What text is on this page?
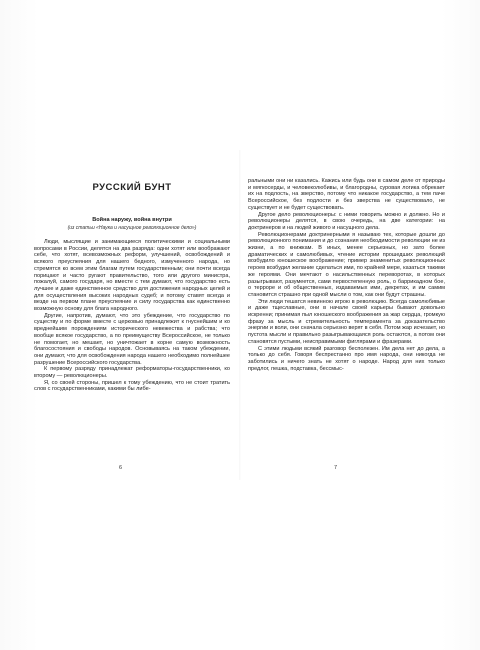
РУССКИЙ БУНТ
Война наружу, война внутри
(из статьи «Наука и насущное революционное дело»)

Люди, мыслящие и занимающиеся политическими и социальными вопросами в России, делятся на два разряда: одни хотят или воображают себе, что хотят, всевозможных реформ, улучшений, освобождений и всякого преуспеяния для нашего бедного, измученного народа, но стремятся ко всем этим благам путем государственным; они почти всегда порицают и часто ругают правительство, того или другого министра, пожалуй, самого государя, но вместе с тем думают, что государство есть лучшее и даже единственное средство для достижения народных целей и для осуществления высоких народных судеб; и потому ставят всегда и везде на первом плане преуспеяние и силу государства как единственно возможную основу для блага народного.

Другие, напротив, думают, что это убеждение, что государство по существу и по форме вместе с церковью принадлежит к гнуснейшим и ко вреднейшим порождениям исторического невежества и рабства; что вообще всякое государство, а по преимуществу Всероссийское, не только не помогает, но мешает, но уничтожает в корне самую возможность благосостояния и свободы народов. Основываясь на таком убеждении, они думают, что для освобождения народа нашего необходимо полнейшее разрушение Всероссийского государства.

К первому разряду принадлежат реформаторы-государственники, ко второму — революционеры.

Я, со своей стороны, пришел к тому убеждению, что не стоит тратить слов с государственниками, какими бы либе-

6

ральными они ни казались. Кажись или будь они в самом деле от природы и мягкосерды, и человеколюбивы, и благородны, суровая логика обрекает их на подлость, на зверство, потому что никакое государство, а тем паче Всероссийское, без подлости и без зверства не существовало, не существует и не будет существовать.

Другое дело революционеры: с ними говорить можно и должно. Но и революционеры делятся, в свою очередь, на две категории: на доктринеров и на людей живого и насущного дела.

Революционерами доктринерными я называю тех, которые дошли до революционного понимания и до сознания необходимости революции не из жизни, а по книжкам. В иных, менее серьезных, но зато более драматических и самолюбивых, чтение истории прошедших революций возбудило юношеское воображение; пример знаменитых революционных героев возбудил желание сделаться ими, по крайней мере, казаться такими же героями. Они мечтают о насильственных переворотах, в которых разыгрывают, разумеется, сами первостепенную роль, о баррикадном бое, о терроре и об общественных, издаваемых ими, декретах, и им самим становится страшно при одной мысли о том, как они будут страшны.

Эти люди тешатся невинною игрою в революцию. Всегда самолюбивые и даже тщеславные, они в начале своей карьеры бывают довольно искренни; принимая пыл юношеского воображения за жар сердца, громкую фразу за мысль и стремительность темперамента за доказательство энергии и воли, они сначала серьезно верят в себя. Потом жар исчезает, но пустота мысли и правильно разыгрывающаяся роль остаются, а потом они становятся пустыми, неисправимыми фиглярами и фразерами.

С этими людьми всякий разговор бесполезен. Им дела нет до дела, а только до себя. Говоря беспрестанно про имя народа, они никогда не заботились и ничего знать не хотят о народе. Народ для них только предлог, пешка, подставка, бессмыс-

7
